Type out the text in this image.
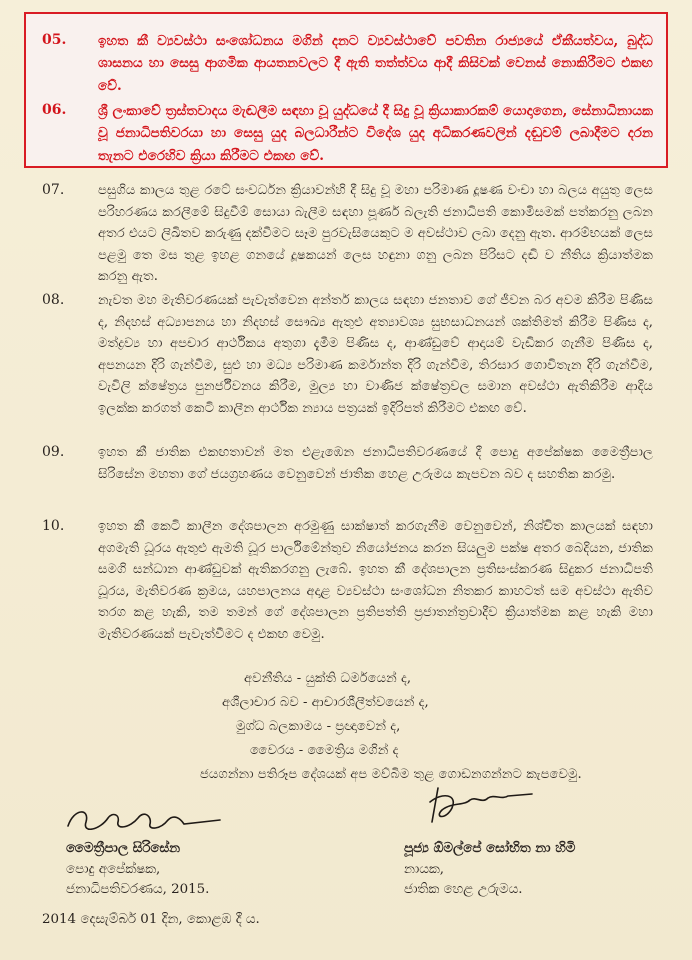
05. ඉහත කී ව්‍යවස්ථා සංශෝධනය මගින් දනට ව්‍යවස්ථාවේ පවතින රාජ්‍යයේ ඒකීයත්වය, බුද්ධ ශාසනය හා සෙසු ආගමික ආයතනවලට දී ඇති තත්ත්වය ආදී කිසිවක් වෙනස් නොකිරීමට එකඟ වේ.
06. ශ්‍රී ලංකාවේ ත්‍රස්තවාදය මැඬලීම සඳහා වූ යුද්ධයේ දී සිදු වූ ක්‍රියාකාරකම් යොදාගෙන, සේනාධිනායක වූ ජනාධිපතිවරයා හා සෙසු යුද බලධාරීන්ට විදේශ යුද අධිකරණවලින් දඬුවම් ලබාදීමට දරන තැනට එරෙහිව ක්‍රියා කිරීමට එකඟ වේ.
07.	පසුගිය කාලය තුළ රටේ සංවර්ධන ක්‍රියාවන්හි දී සිදු වූ මහා පරිමාණ දූෂණ වංචා හා බලය අයුතු ලෙස පරිහරණය කරලීමේ සිදුවීම් සොයා බැලීම සඳහා පූර්ණ බලැති ජනාධිපති කොමිසමක් පත්කරනු ලබන අතර එයට ලිඛිතව කරුණු දක්වීමට සෑම පුරවැසියෙකුට ම අවස්ථාව ලබා දෙනු ඇත. ආරම්භයක් ලෙස පළමු තෙ මස තුළ ඉහළ ගනයේ දූෂකයන් ලෙස හඳුනා ගනු ලබන පිරිසට දඬි ව නීතිය ක්‍රියාත්මක කරනු ඇත.
08.	නැවත මහ මැතිවරණයක් පැවැත්වෙන අන්තර් කාලය සඳහා ජනතාව ගේ ජීවන බර අවම කිරීම පිණිස ද, නිදහස් අධ්‍යාපනය හා නිදහස් සෞඛ්‍ය ඇතුළු අත්‍යාවශ්‍ය සුභසාධනයන් ශක්තිමත් කිරීම පිණිස ද, මත්ද්‍රව්‍ය හා අපචාර ආර්ථිකය අතුගා දැමීම පිණිස ද, ආණ්ඩුවේ ආදායම් වැඩිකර ගැනීම පිණිස ද, අපනයන දිරි ගැන්වීම, සුළු හා මධ්‍ය පරිමාණ කර්මාන්ත දිරි ගැන්වීම, තිරසාර ගොවිතැන දිරි ගැන්වීම, වැවිලි ක්ෂේත්‍රය පුනර්ජීවනය කිරීම, මුල්‍ය හා වාණිජ ක්ෂේත්‍රවල සමාන අවස්ථා ඇතිකිරීම ආදිය ඉලක්ක කරගත් කෙටි කාලීන ආර්ථික න්‍යාය පත්‍රයක් ඉදිරිපත් කිරීමට එකඟ වේ.
09.	ඉහත කී ජාතික එකඟතාවන් මත එළැඹෙන ජනාධිපතිවරණයේ දී පොදු අපේක්ෂක මෛත්‍රීපාල සිරිසේන මහතා ගේ ජයග්‍රහණය වෙනුවෙන් ජාතික හෙළ උරුමය කැපවන බව ද සහතික කරමු.
10.	ඉහත කී කෙටි කාලීන දේශපාලන අරමුණු සාක්ෂාත් කරගැනීම වෙනුවෙන්, නිශ්චිත කාලයක් සඳහා අගමැති ධූරය ඇතුළු ඇමති ධූර පාර්ලිමේන්තුව නියෝජනය කරන සියලුම පක්ෂ අතර බෙදියන, ජාතික සමගි සන්ධාන ආණ්ඩුවක් ඇතිකරගනු ලැබේ. ඉහත කී දේශපාලන ප්‍රතිසංස්කරණ සිදුකර ජනාධිපති ධූරය, මැතිවරණ ක්‍රමය, යහපාලනය අදාළ ව්‍යවස්ථා සංශෝධන නිතකර කාහටත් සම අවස්ථා ඇතිව තරග කළ හැකි, තම තමන් ගේ දේශපාලන ප්‍රතිපත්ති ප්‍රජාතන්ත්‍රවාදීව ක්‍රියාත්මක කළ හැකි මහා මැතිවරණයක් පැවැත්වීමට ද එකඟ වෙමු.
අවනීතිය - යුක්ති ධර්මයෙන් ද,
අශීලාචාර බව - ආචාරශීලීත්වයෙන් ද,
මුග්ධ බලකාමය - ප්‍රඥාවෙන් ද,
වෛරය - මෛත්‍රිය මගින් ද
ජයගන්නා පතිරූප දේශයක් අප මව්බිම තුළ ගොඩනගන්නට කැපවෙමු.
මෛත්‍රීපාල සිරිසේන
පොදු අපේක්ෂක,
ජනාධිපතිවරණය, 2015.
පූජ්‍ය ඕමල්පේ සෝභිත නා හිමි
නායක,
ජාතික හෙළ උරුමය.
2014 දෙසැම්බර් 01 දින, කොළඹ දී ය.
